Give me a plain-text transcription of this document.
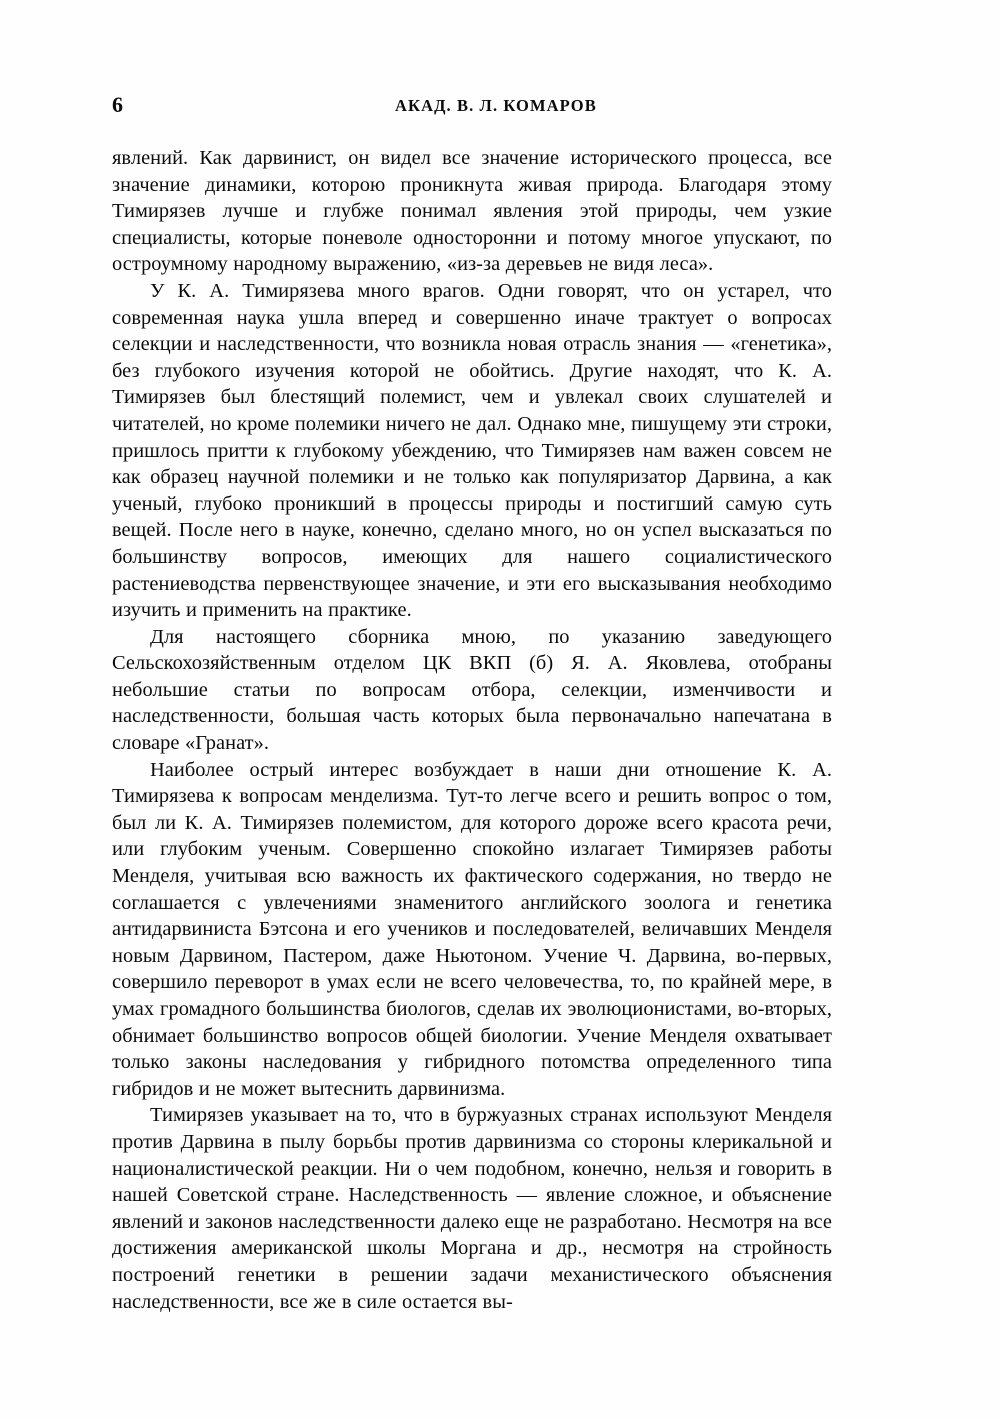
6	АКАД. В. Л. КОМАРОВ

явлений. Как дарвинист, он видел все значение исторического процесса, все значение динамики, которою проникнута живая природа. Благодаря этому Тимирязев лучше и глубже понимал явления этой природы, чем узкие специалисты, которые поневоле односторонни и потому многое упускают, по остроумному народному выражению, «из-за деревьев не видя леса».

У К. А. Тимирязева много врагов. Одни говорят, что он устарел, что современная наука ушла вперед и совершенно иначе трактует о вопросах селекции и наследственности, что возникла новая отрасль знания — «генетика», без глубокого изучения которой не обойтись. Другие находят, что К. А. Тимирязев был блестящий полемист, чем и увлекал своих слушателей и читателей, но кроме полемики ничего не дал. Однако мне, пишущему эти строки, пришлось притти к глубокому убеждению, что Тимирязев нам важен совсем не как образец научной полемики и не только как популяризатор Дарвина, а как ученый, глубоко проникший в процессы природы и постигший самую суть вещей. После него в науке, конечно, сделано много, но он успел высказаться по большинству вопросов, имеющих для нашего социалистического растениеводства первенствующее значение, и эти его высказывания необходимо изучить и применить на практике.

Для настоящего сборника мною, по указанию заведующего Сельскохозяйственным отделом ЦК ВКП (б) Я. А. Яковлева, отобраны небольшие статьи по вопросам отбора, селекции, изменчивости и наследственности, большая часть которых была первоначально напечатана в словаре «Гранат».

Наиболее острый интерес возбуждает в наши дни отношение К. А. Тимирязева к вопросам менделизма. Тут-то легче всего и решить вопрос о том, был ли К. А. Тимирязев полемистом, для которого дороже всего красота речи, или глубоким ученым. Совершенно спокойно излагает Тимирязев работы Менделя, учитывая всю важность их фактического содержания, но твердо не соглашается с увлечениями знаменитого английского зоолога и генетика антидарвиниста Бэтсона и его учеников и последователей, величавших Менделя новым Дарвином, Пастером, даже Ньютоном. Учение Ч. Дарвина, во-первых, совершило переворот в умах если не всего человечества, то, по крайней мере, в умах громадного большинства биологов, сделав их эволюционистами, во-вторых, обнимает большинство вопросов общей биологии. Учение Менделя охватывает только законы наследования у гибридного потомства определенного типа гибридов и не может вытеснить дарвинизма.

Тимирязев указывает на то, что в буржуазных странах используют Менделя против Дарвина в пылу борьбы против дарвинизма со стороны клерикальной и националистической реакции. Ни о чем подобном, конечно, нельзя и говорить в нашей Советской стране. Наследственность — явление сложное, и объяснение явлений и законов наследственности далеко еще не разработано. Несмотря на все достижения американской школы Моргана и др., несмотря на стройность построений генетики в решении задачи механистического объяснения наследственности, все же в силе остается вы-
